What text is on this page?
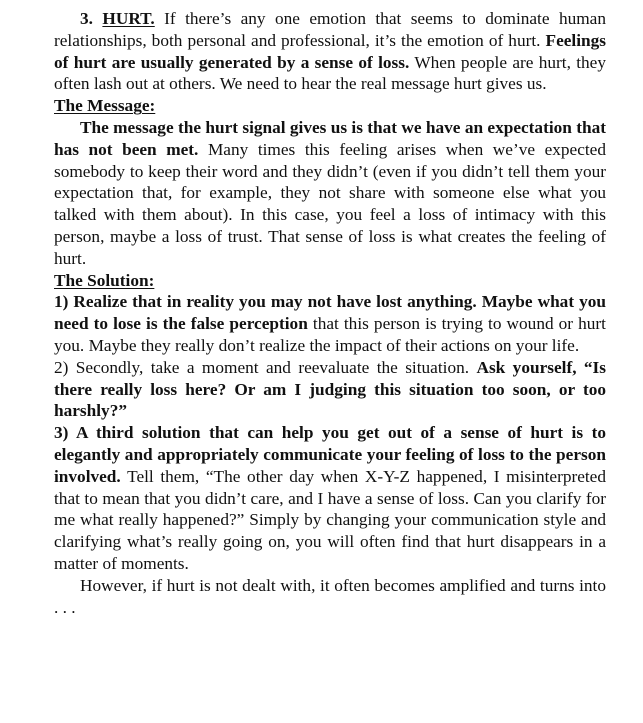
3. HURT. If there’s any one emotion that seems to dominate human relationships, both personal and professional, it’s the emotion of hurt. Feelings of hurt are usually generated by a sense of loss. When people are hurt, they often lash out at others. We need to hear the real message hurt gives us.

The Message:

The message the hurt signal gives us is that we have an expectation that has not been met. Many times this feeling arises when we’ve expected somebody to keep their word and they didn’t (even if you didn’t tell them your expectation that, for example, they not share with someone else what you talked with them about). In this case, you feel a loss of intimacy with this person, maybe a loss of trust. That sense of loss is what creates the feeling of hurt.

The Solution:

1) Realize that in reality you may not have lost anything. Maybe what you need to lose is the false perception that this person is trying to wound or hurt you. Maybe they really don’t realize the impact of their actions on your life.

2) Secondly, take a moment and reevaluate the situation. Ask yourself, “Is there really loss here? Or am I judging this situation too soon, or too harshly?”

3) A third solution that can help you get out of a sense of hurt is to elegantly and appropriately communicate your feeling of loss to the person involved. Tell them, “The other day when X-Y-Z happened, I misinterpreted that to mean that you didn’t care, and I have a sense of loss. Can you clarify for me what really happened?” Simply by changing your communication style and clarifying what’s really going on, you will often find that hurt disappears in a matter of moments.

However, if hurt is not dealt with, it often becomes amplified and turns into . . .
